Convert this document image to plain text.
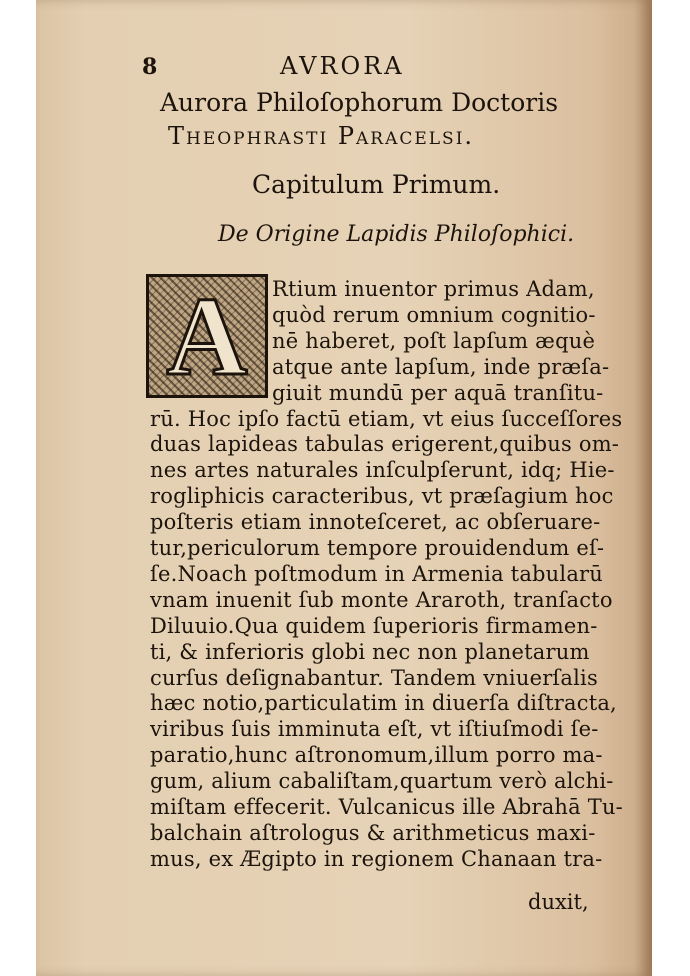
8	AVRORA
Aurora Philoſophorum Doctoris
Theophrasti Paracelsi.
Capitulum Primum.
De Origine Lapidis Philoſophici.
A	Rtium inuentor primus Adam,
quòd rerum omnium cognitio-
nē haberet, poſt lapſum æquè
atque ante lapſum, inde præſa-
giuit mundū per aquā tranſitu-
rū. Hoc ipſo factū etiam, vt eius ſucceſſores
duas lapideas tabulas erigerent,quibus om-
nes artes naturales inſculpſerunt, idq; Hie-
rogliphicis caracteribus, vt præſagium hoc
poſteris etiam innoteſceret, ac obſeruare-
tur,periculorum tempore prouidendum eſ-
ſe.Noach poſtmodum in Armenia tabularū
vnam inuenit ſub monte Araroth, tranſacto
Diluuio.Qua quidem ſuperioris firmamen-
ti, & inferioris globi nec non planetarum
curſus deſignabantur. Tandem vniuerſalis
hæc notio,particulatim in diuerſa diſtracta,
viribus ſuis imminuta eſt, vt iſtiuſmodi ſe-
paratio,hunc aſtronomum,illum porro ma-
gum, alium cabaliſtam,quartum verò alchi-
miſtam effecerit. Vulcanicus ille Abrahā Tu-
balchain aſtrologus & arithmeticus maxi-
mus, ex Ægipto in regionem Chanaan tra-
duxit,
